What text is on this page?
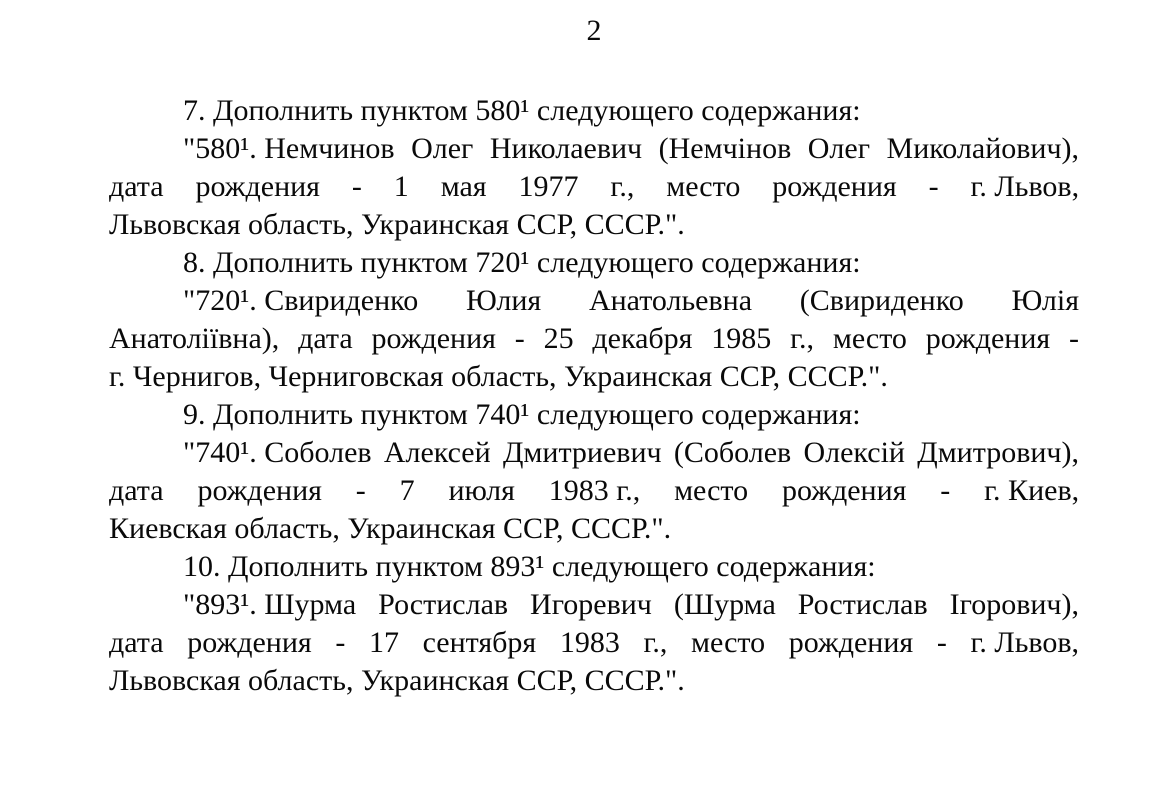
2
7. Дополнить пунктом 580¹ следующего содержания:
"580¹. Немчинов Олег Николаевич (Немчінов Олег Миколайович),
дата рождения - 1 мая 1977 г., место рождения - г. Львов,
Львовская область, Украинская ССР, СССР.".
8. Дополнить пунктом 720¹ следующего содержания:
"720¹. Свириденко Юлия Анатольевна (Свириденко Юлія
Анатоліївна), дата рождения - 25 декабря 1985 г., место рождения -
г. Чернигов, Черниговская область, Украинская ССР, СССР.".
9. Дополнить пунктом 740¹ следующего содержания:
"740¹. Соболев Алексей Дмитриевич (Соболев Олексій Дмитрович),
дата рождения - 7 июля 1983 г., место рождения - г. Киев,
Киевская область, Украинская ССР, СССР.".
10. Дополнить пунктом 893¹ следующего содержания:
"893¹. Шурма Ростислав Игоревич (Шурма Ростислав Ігорович),
дата рождения - 17 сентября 1983 г., место рождения - г. Львов,
Львовская область, Украинская ССР, СССР.".
